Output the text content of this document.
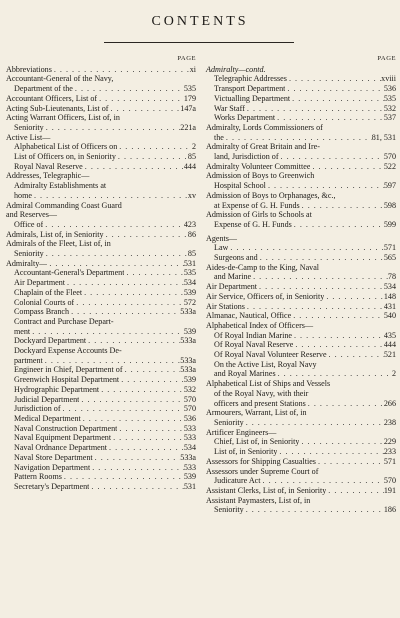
CONTENTS
PAGE
Abbreviations . . .	xi
Accountant-General of the Navy,
Department of the . . .	535
Accountant Officers, List of . . .	179
Acting Sub-Lieutenants, List of . . .	147a
Acting Warrant Officers, List of, in
Seniority . . .	221a
Active List—
Alphabetical List of Officers on . . .	2
List of Officers on, in Seniority . . .	85
Royal Naval Reserve . . .	444
Addresses, Telegraphic—
Admiralty Establishments at
home . . .	xv
Admiral Commanding Coast Guard
and Reserves—
Office of . . .	423
Admirals, List of, in Seniority . . .	86
Admirals of the Fleet, List of, in
Seniority . . .	85
Admiralty— . . .	531
Accountant-General's Department . . .	535
Air Department . . .	534
Chaplain of the Fleet . . .	539
Colonial Courts of . . .	572
Compass Branch . . .	533a
Contract and Purchase Depart-
ment . . .	539
Dockyard Department . . .	533a
Dockyard Expense Accounts De-
partment . . .	533a
Engineer in Chief, Department of . . .	533a
Greenwich Hospital Department . . .	539
Hydrographic Department . . .	532
Judicial Department . . .	570
Jurisdiction of . . .	570
Medical Department . . .	536
Naval Construction Department . . .	533
Naval Equipment Department . . .	533
Naval Ordnance Department . . .	534
Naval Store Department . . .	533a
Navigation Department . . .	533
Pattern Rooms . . .	539
Secretary's Department . . .	531
PAGE
Admiralty—contd.
Telegraphic Addresses . . .	xviii
Transport Department . . .	536
Victualling Department . . .	535
War Staff . . .	532
Works Department . . .	537
Admiralty, Lords Commissioners of
the . . .	81, 531
Admiralty of Great Britain and Ire-
land, Jurisdiction of . . .	570
Admiralty Volunteer Committee . . .	522
Admission of Boys to Greenwich
Hospital School . . .	597
Admission of Boys to Orphanages, &c.,
at Expense of G. H. Funds . . .	598
Admission of Girls to Schools at
Expense of G. H. Funds . . .	599
Agents—
Law . . .	571
Surgeons and . . .	565
Aides-de-Camp to the King, Naval
and Marine . . .	78
Air Department . . .	534
Air Service, Officers of, in Seniority . . .	148
Air Stations . . .	431
Almanac, Nautical, Office . . .	540
Alphabetical Index of Officers—
Of Royal Indian Marine . . .	435
Of Royal Naval Reserve . . .	444
Of Royal Naval Volunteer Reserve . . .	521
On the Active List, Royal Navy
and Royal Marines . . .	2
Alphabetical List of Ships and Vessels
of the Royal Navy, with their
officers and present Stations . . .	266
Armourers, Warrant, List of, in
Seniority . . .	238
Artificer Engineers—
Chief, List of, in Seniority . . .	229
List of, in Seniority . . .	233
Assessors for Shipping Casualties . . .	571
Assessors under Supreme Court of
Judicature Act . . .	570
Assistant Clerks, List of, in Seniority . . .	191
Assistant Paymasters, List of, in
Seniority . . .	186
